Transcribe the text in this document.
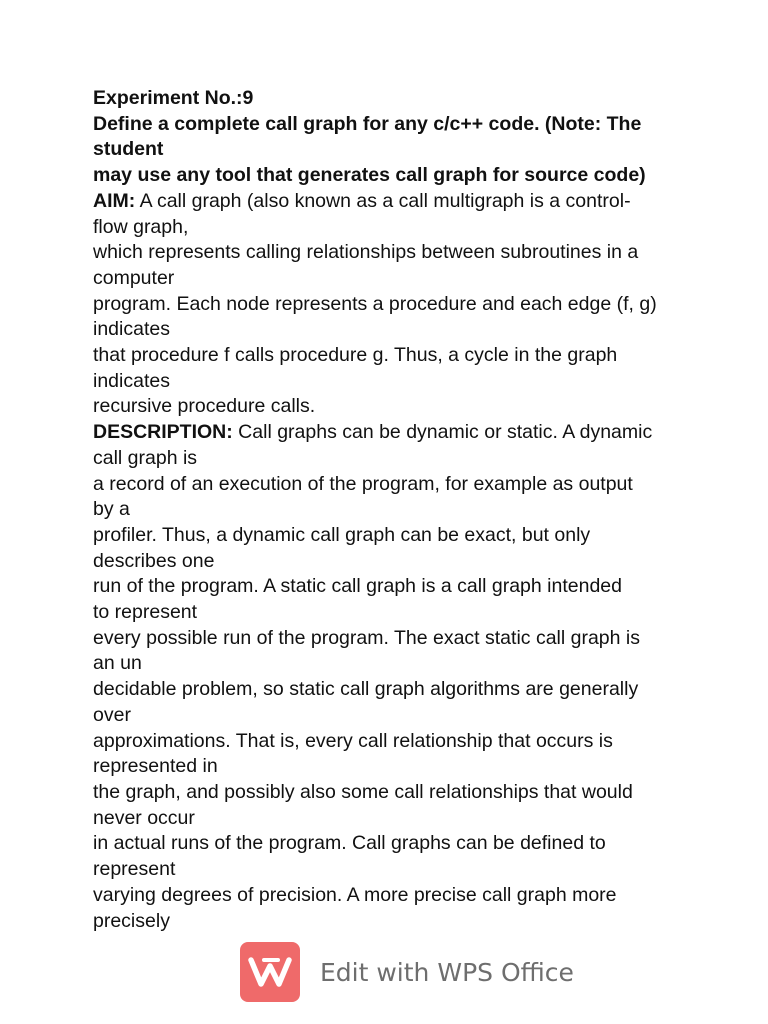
Experiment No.:9
Define a complete call graph for any c/c++ code. (Note: The
student
may use any tool that generates call graph for source code)
AIM: A call graph (also known as a call multigraph is a control-
flow graph,
which represents calling relationships between subroutines in a
computer
program. Each node represents a procedure and each edge (f, g)
indicates
that procedure f calls procedure g. Thus, a cycle in the graph
indicates
recursive procedure calls.
DESCRIPTION: Call graphs can be dynamic or static. A dynamic
call graph is
a record of an execution of the program, for example as output
by a
profiler. Thus, a dynamic call graph can be exact, but only
describes one
run of the program. A static call graph is a call graph intended
to represent
every possible run of the program. The exact static call graph is
an un
decidable problem, so static call graph algorithms are generally
over
approximations. That is, every call relationship that occurs is
represented in
the graph, and possibly also some call relationships that would
never occur
in actual runs of the program. Call graphs can be defined to
represent
varying degrees of precision. A more precise call graph more
precisely
Edit with WPS Office
